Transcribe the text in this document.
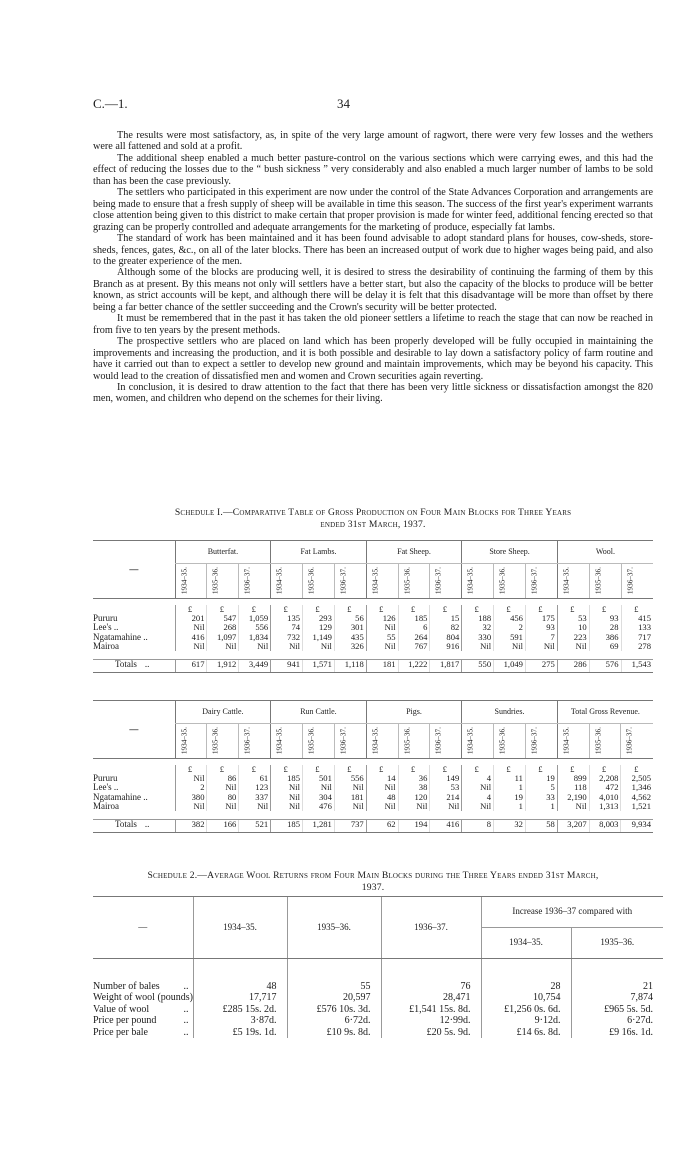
C.—1.	34

The results were most satisfactory, as, in spite of the very large amount of ragwort, there were very few losses and the wethers were all fattened and sold at a profit.

The additional sheep enabled a much better pasture-control on the various sections which were carrying ewes, and this had the effect of reducing the losses due to the “ bush sickness ” very considerably and also enabled a much larger number of lambs to be sold than has been the case previously.

The settlers who participated in this experiment are now under the control of the State Advances Corporation and arrangements are being made to ensure that a fresh supply of sheep will be available in time this season. The success of the first year's experiment warrants close attention being given to this district to make certain that proper provision is made for winter feed, additional fencing erected so that grazing can be properly controlled and adequate arrangements for the marketing of produce, especially fat lambs.

The standard of work has been maintained and it has been found advisable to adopt standard plans for houses, cow-sheds, store-sheds, fences, gates, &c., on all of the later blocks. There has been an increased output of work due to higher wages being paid, and also to the greater experience of the men.

Although some of the blocks are producing well, it is desired to stress the desirability of continuing the farming of them by this Branch as at present. By this means not only will settlers have a better start, but also the capacity of the blocks to produce will be better known, as strict accounts will be kept, and although there will be delay it is felt that this disadvantage will be more than offset by there being a far better chance of the settler succeeding and the Crown's security will be better protected.

It must be remembered that in the past it has taken the old pioneer settlers a lifetime to reach the stage that can now be reached in from five to ten years by the present methods.

The prospective settlers who are placed on land which has been properly developed will be fully occupied in maintaining the improvements and increasing the production, and it is both possible and desirable to lay down a satisfactory policy of farm routine and have it carried out than to expect a settler to develop new ground and maintain improvements, which may be beyond his capacity. This would lead to the creation of dissatisfied men and women and Crown securities again reverting.

In conclusion, it is desired to draw attention to the fact that there has been very little sickness or dissatisfaction amongst the 820 men, women, and children who depend on the schemes for their living.

Schedule I.—Comparative Table of Gross Production on Four Main Blocks for Three Years
ended 31st March, 1937.
—	Butterfat.			Fat Lambs.			Fat Sheep.			Store Sheep.			Wool.		

	1934–35.	1935–36.	1936–37.	1934–35.	1935–36.	1936–37.	1934–35.	1935–36.	1936–37.	1934–35.	1935–36.	1936–37.	1934–35.	1935–36.	1936–37.

	£	£	£	£	£	£	£	£	£	£	£	£	£	£	£
Pururu	201	547	1,059	135	293	56	126	185	15	188	456	175	53	93	415
Lee's ..	Nil	268	556	74	129	301	Nil	6	82	32	2	93	10	28	133
Ngatamahine ..	416	1,097	1,834	732	1,149	435	55	264	804	330	591	7	223	386	717
Mairoa	Nil	Nil	Nil	Nil	Nil	326	Nil	767	916	Nil	Nil	Nil	Nil	69	278

Totals ..	617	1,912	3,449	941	1,571	1,118	181	1,222	1,817	550	1,049	275	286	576	1,543
—	Dairy Cattle.			Run Cattle.			Pigs.			Sundries.			Total Gross Revenue.		

	1934–35.	1935–36.	1936–37.	1934–35.	1935–36.	1936–37.	1934–35.	1935–36.	1936–37.	1934–35.	1935–36.	1936–37.	1934–35.	1935–36.	1936–37.

	£	£	£	£	£	£	£	£	£	£	£	£	£	£	£
Pururu	Nil	86	61	185	501	556	14	36	149	4	11	19	899	2,208	2,505
Lee's ..	2	Nil	123	Nil	Nil	Nil	Nil	38	53	Nil	1	5	118	472	1,346
Ngatamahine ..	380	80	337	Nil	304	181	48	120	214	4	19	33	2,190	4,010	4,562
Mairoa	Nil	Nil	Nil	Nil	476	Nil	Nil	Nil	Nil	Nil	1	1	Nil	1,313	1,521

Totals ..	382	166	521	185	1,281	737	62	194	416	8	32	58	3,207	8,003	9,934
Schedule 2.—Average Wool Returns from Four Main Blocks during the Three Years ended 31st March,
1937.
—	1934–35.	1935–36.	1936–37.	Increase 1936–37 compared with	
				1934–35.	1935–36.

Number of bales ..	48	55	76	28	21
Weight of wool (pounds)	17,717	20,597	28,471	10,754	7,874
Value of wool ..	£285 15s. 2d.	£576 10s. 3d.	£1,541 15s. 8d.	£1,256 0s. 6d.	£965 5s. 5d.
Price per pound ..	3·87d.	6·72d.	12·99d.	9·12d.	6·27d.
Price per bale ..	£5 19s. 1d.	£10 9s. 8d.	£20 5s. 9d.	£14 6s. 8d.	£9 16s. 1d.
